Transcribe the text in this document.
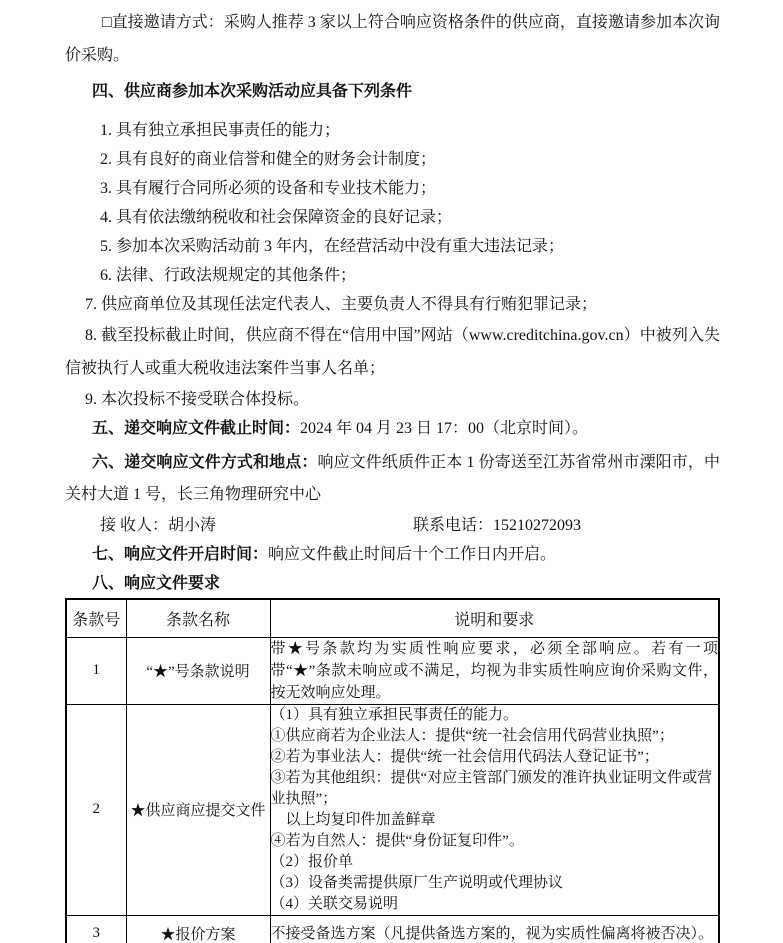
□直接邀请方式：采购人推荐 3 家以上符合响应资格条件的供应商，直接邀请参加本次询价采购。

四、供应商参加本次采购活动应具备下列条件

1. 具有独立承担民事责任的能力；

2. 具有良好的商业信誉和健全的财务会计制度；

3. 具有履行合同所必须的设备和专业技术能力；

4. 具有依法缴纳税收和社会保障资金的良好记录；

5. 参加本次采购活动前 3 年内，在经营活动中没有重大违法记录；

6. 法律、行政法规规定的其他条件；

7. 供应商单位及其现任法定代表人、主要负责人不得具有行贿犯罪记录；

8. 截至投标截止时间，供应商不得在“信用中国”网站（www.creditchina.gov.cn）中被列入失信被执行人或重大税收违法案件当事人名单；

9. 本次投标不接受联合体投标。

五、递交响应文件截止时间：2024 年 04 月 23 日 17：00（北京时间）。

六、递交响应文件方式和地点：响应文件纸质件正本 1 份寄送至江苏省常州市溧阳市，中关村大道 1 号，长三角物理研究中心

接 收人：胡小涛	联系电话：15210272093

七、响应文件开启时间：响应文件截止时间后十个工作日内开启。

八、响应文件要求

条款号	条款名称	说明和要求
1	“★”号条款说明	带★号条款均为实质性响应要求，必须全部响应。若有一项带“★”条款未响应或不满足，均视为非实质性响应询价采购文件，按无效响应处理。
2	★供应商应提交文件	
（1）具有独立承担民事责任的能力。
①供应商若为企业法人：提供“统一社会信用代码营业执照”；
②若为事业法人：提供“统一社会信用代码法人登记证书”；
③若为其他组织：提供“对应主管部门颁发的准许执业证明文件或营业执照”；
　以上均复印件加盖鲜章
④若为自然人：提供“身份证复印件”。
（2）报价单
（3）设备类需提供原厂生产说明或代理协议
（4）关联交易说明

3	★报价方案	不接受备选方案（凡提供备选方案的，视为实质性偏离将被否决）。
